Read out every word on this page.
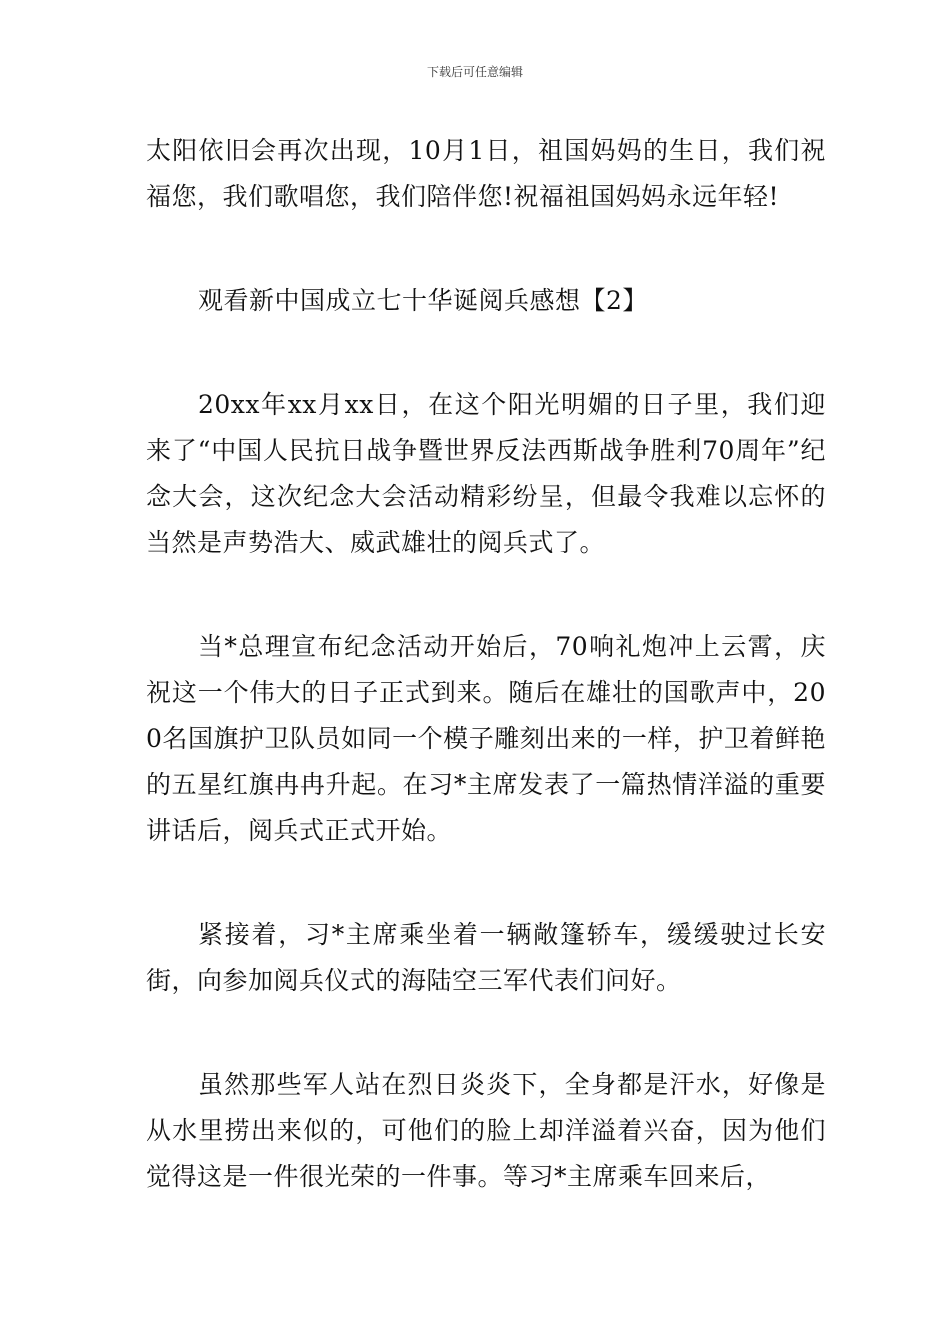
下载后可任意编辑

太阳依旧会再次出现，10月1日，祖国妈妈的生日，我们祝福您，我们歌唱您，我们陪伴您!祝福祖国妈妈永远年轻!

观看新中国成立七十华诞阅兵感想【2】

20xx年xx月xx日，在这个阳光明媚的日子里，我们迎来了“中国人民抗日战争暨世界反法西斯战争胜利70周年”纪念大会，这次纪念大会活动精彩纷呈，但最令我难以忘怀的当然是声势浩大、威武雄壮的阅兵式了。

当*总理宣布纪念活动开始后，70响礼炮冲上云霄，庆祝这一个伟大的日子正式到来。随后在雄壮的国歌声中，200名国旗护卫队员如同一个模子雕刻出来的一样，护卫着鲜艳的五星红旗冉冉升起。在习*主席发表了一篇热情洋溢的重要讲话后，阅兵式正式开始。

紧接着，习*主席乘坐着一辆敞篷轿车，缓缓驶过长安街，向参加阅兵仪式的海陆空三军代表们问好。

虽然那些军人站在烈日炎炎下，全身都是汗水，好像是从水里捞出来似的，可他们的脸上却洋溢着兴奋，因为他们觉得这是一件很光荣的一件事。等习*主席乘车回来后，
